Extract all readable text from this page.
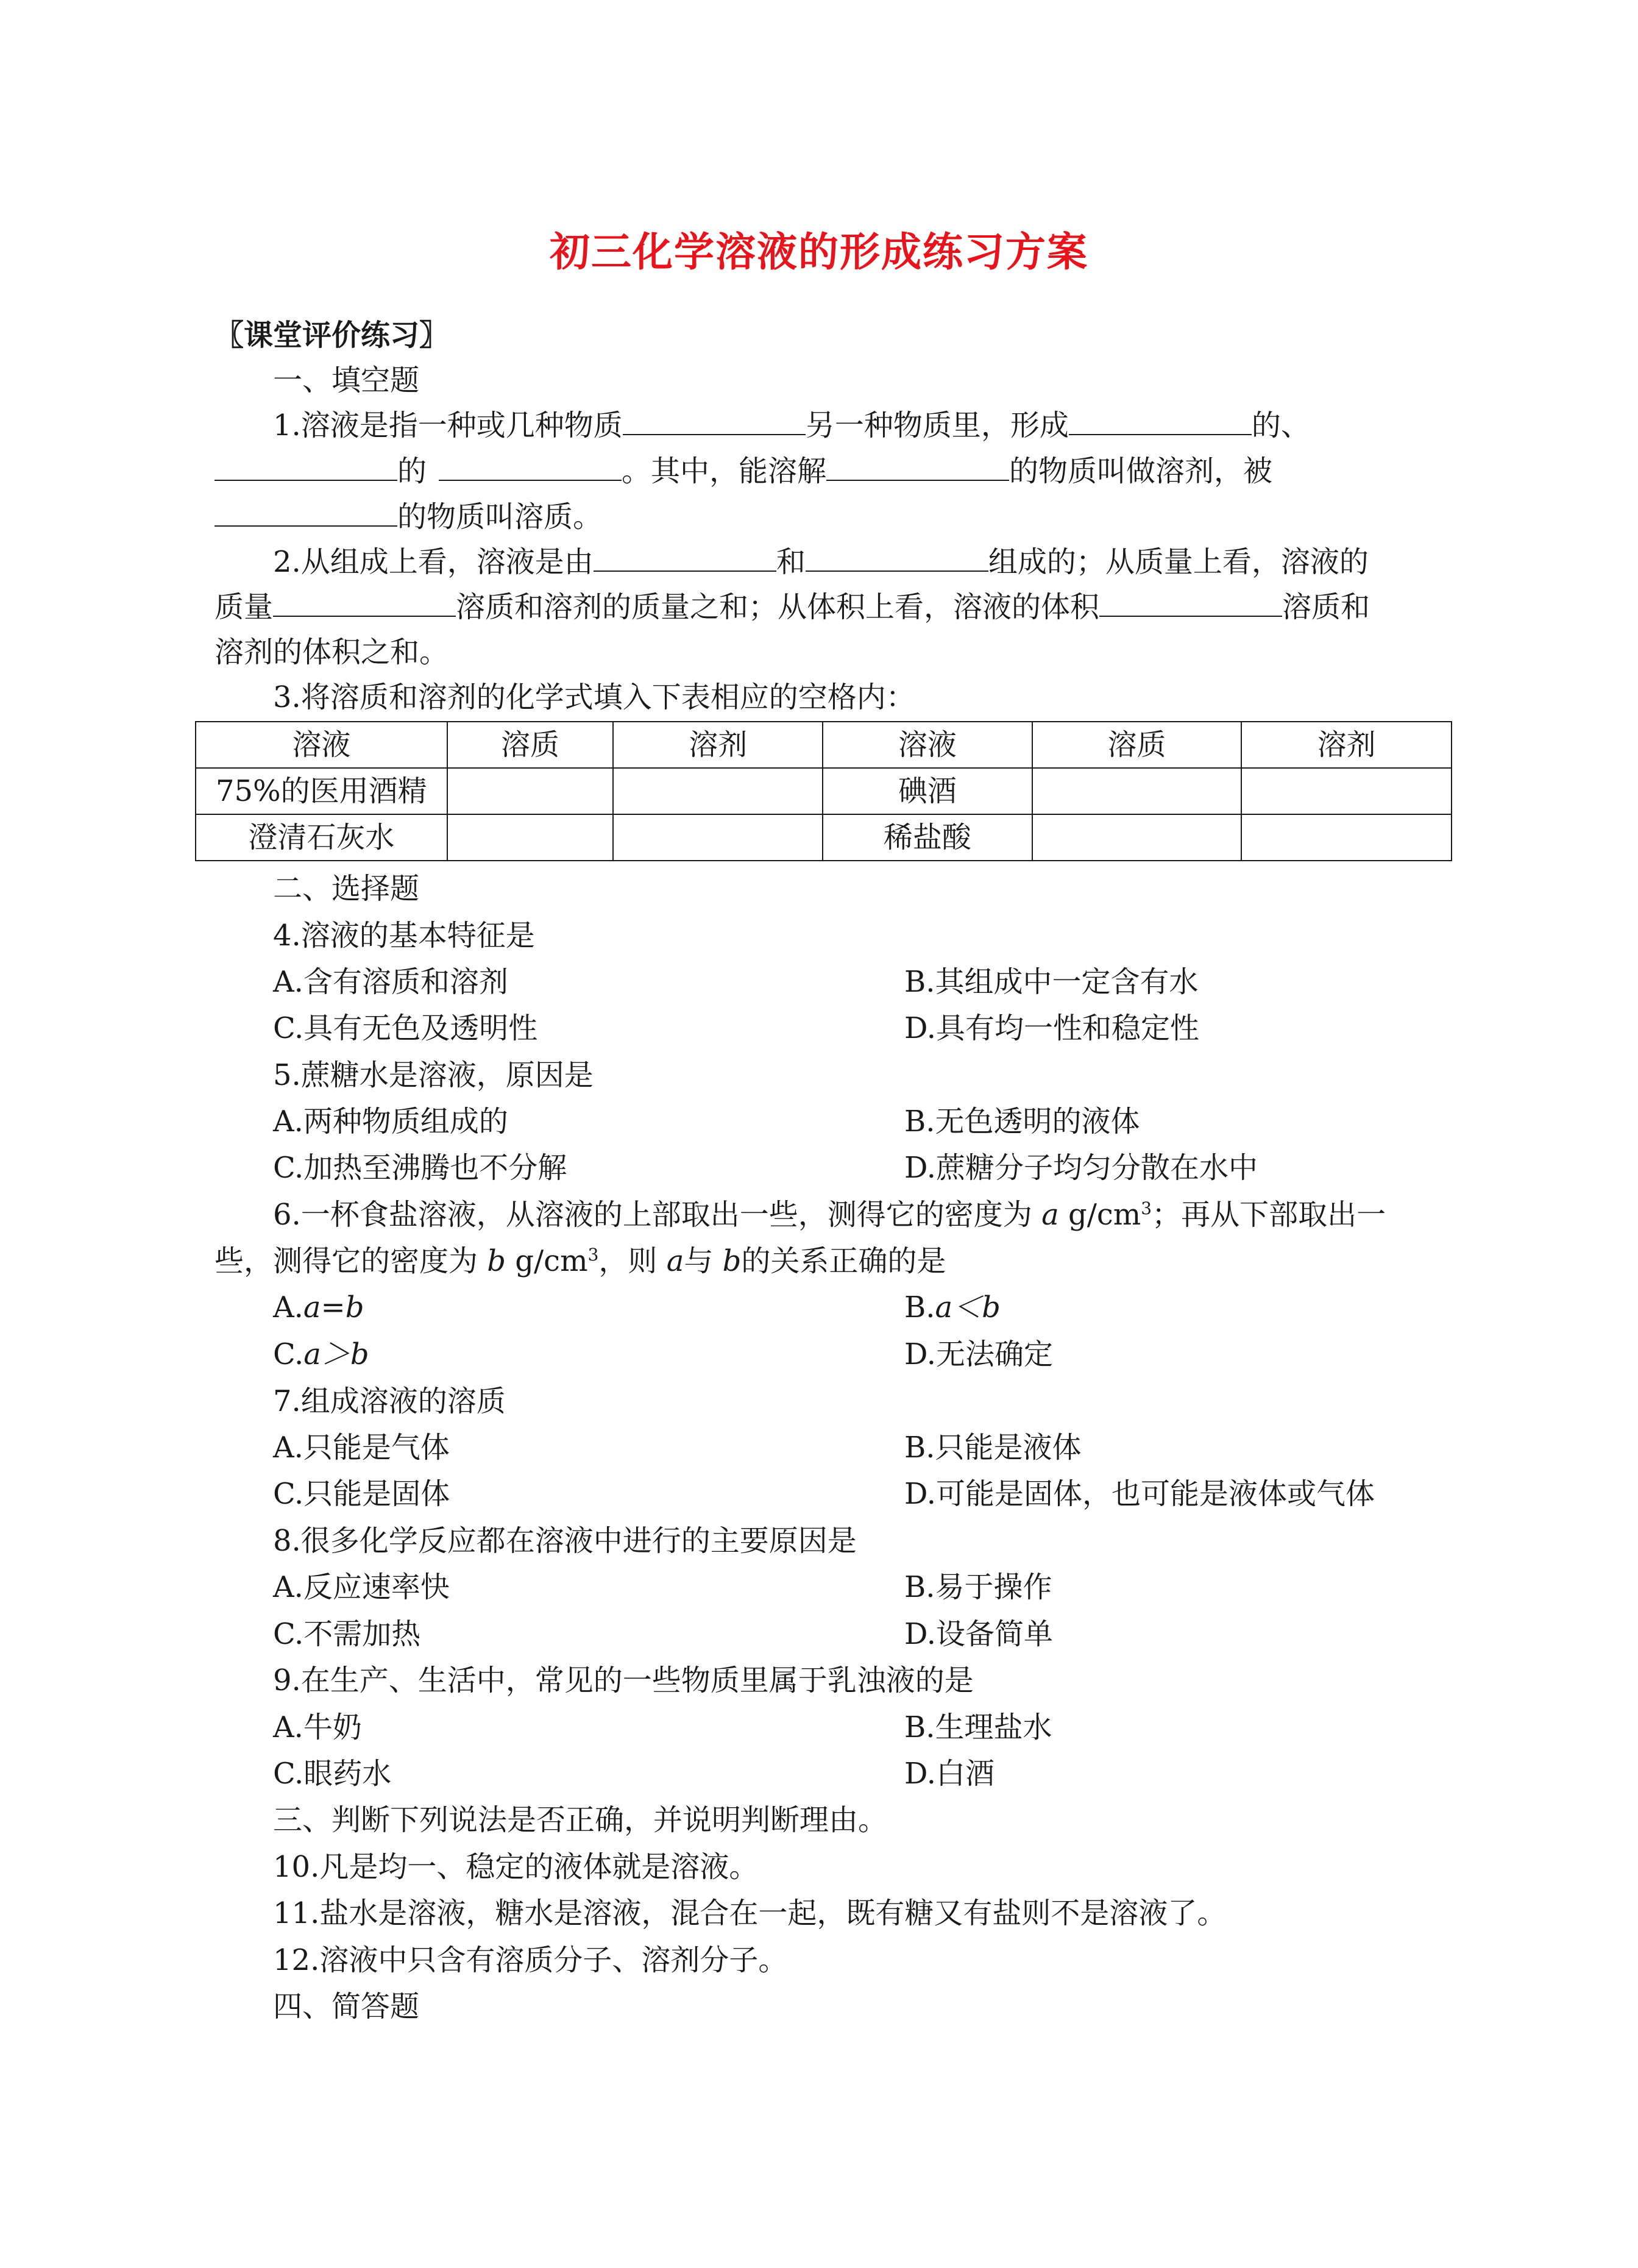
初三化学溶液的形成练习方案
〖课堂评价练习〗
一、填空题
1.溶液是指一种或几种物质	另一种物质里，形成	的、
的	。其中，能溶解	的物质叫做溶剂，被
的物质叫溶质。
2.从组成上看，溶液是由	和	组成的；从质量上看，溶液的
质量	溶质和溶剂的质量之和；从体积上看，溶液的体积	溶质和
溶剂的体积之和。
3.将溶质和溶剂的化学式填入下表相应的空格内：
溶液	溶质	溶剂	溶液	溶质	溶剂
75%的医用酒精			碘酒		
澄清石灰水			稀盐酸		
二、选择题
4.溶液的基本特征是
A.含有溶质和溶剂	B.其组成中一定含有水
C.具有无色及透明性	D.具有均一性和稳定性
5.蔗糖水是溶液，原因是
A.两种物质组成的	B.无色透明的液体
C.加热至沸腾也不分解	D.蔗糖分子均匀分散在水中
6.一杯食盐溶液，从溶液的上部取出一些，测得它的密度为 a $g/cm^3$；再从下部取出一
些，测得它的密度为 b $g/cm^3$，则 a与 b的关系正确的是
A.a=b	B.a＜b
C.a＞b	D.无法确定
7.组成溶液的溶质
A.只能是气体	B.只能是液体
C.只能是固体	D.可能是固体，也可能是液体或气体
8.很多化学反应都在溶液中进行的主要原因是
A.反应速率快	B.易于操作
C.不需加热	D.设备简单
9.在生产、生活中，常见的一些物质里属于乳浊液的是
A.牛奶	B.生理盐水
C.眼药水	D.白酒
三、判断下列说法是否正确，并说明判断理由。
10.凡是均一、稳定的液体就是溶液。
11.盐水是溶液，糖水是溶液，混合在一起，既有糖又有盐则不是溶液了。
12.溶液中只含有溶质分子、溶剂分子。
四、简答题
